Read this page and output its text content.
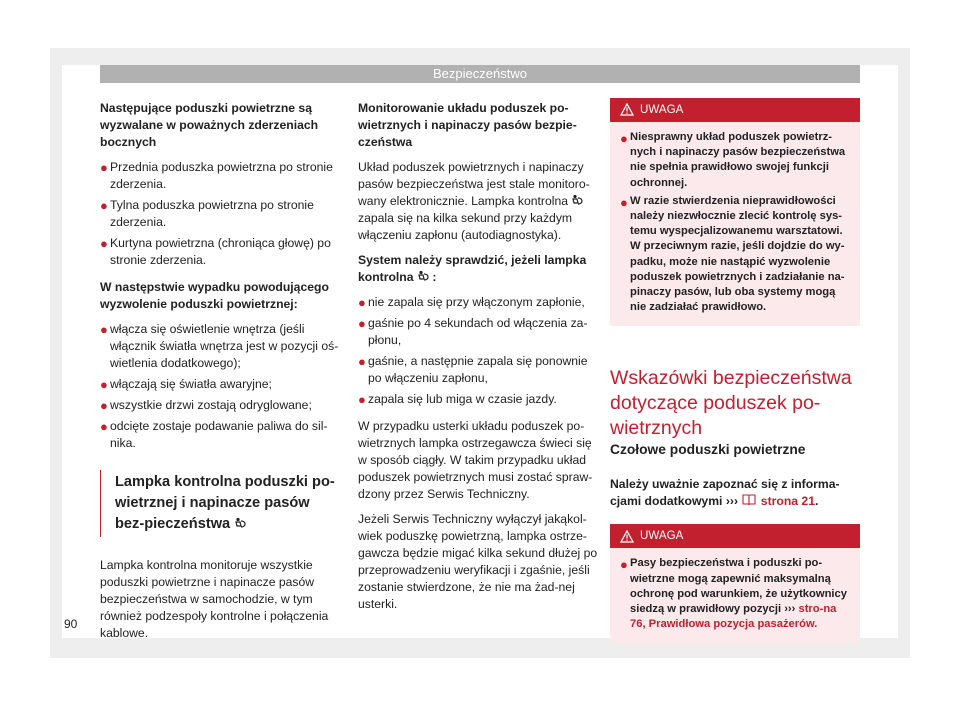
Bezpieczeństwo

Następujące poduszki powietrzne są wyzwalane w poważnych zderzeniach bocznych

● Przednia poduszka powietrzna po stronie zderzenia.
● Tylna poduszka powietrzna po stronie zderzenia.
● Kurtyna powietrzna (chroniąca głowę) po stronie zderzenia.

W następstwie wypadku powodującego wyzwolenie poduszki powietrznej:

● włącza się oświetlenie wnętrza (jeśli włącznik światła wnętrza jest w pozycji oś-wietlenia dodatkowego);
● włączają się światła awaryjne;
● wszystkie drzwi zostają odryglowane;
● odcięte zostaje podawanie paliwa do sil-nika.
Lampka kontrolna poduszki po-wietrznej i napinacze pasów bez-pieczeństwa

Lampka kontrolna monitoruje wszystkie poduszki powietrzne i napinacze pasów bezpieczeństwa w samochodzie, w tym również podzespoły kontrolne i połączenia kablowe.

Monitorowanie układu poduszek po-wietrznych i napinaczy pasów bezpie-czeństwa

Układ poduszek powietrznych i napinaczy pasów bezpieczeństwa jest stale monitoro-wany elektronicznie. Lampka kontrolna  zapala się na kilka sekund przy każdym włączeniu zapłonu (autodiagnostyka).

System należy sprawdzić, jeżeli lampka kontrolna :

● nie zapala się przy włączonym zapłonie,
● gaśnie po 4 sekundach od włączenia za-płonu,
● gaśnie, a następnie zapala się ponownie po włączeniu zapłonu,
● zapala się lub miga w czasie jazdy.

W przypadku usterki układu poduszek po-wietrznych lampka ostrzegawcza świeci się w sposób ciągły. W takim przypadku układ poduszek powietrznych musi zostać spraw-dzony przez Serwis Techniczny.

Jeżeli Serwis Techniczny wyłączył jakąkol-wiek poduszkę powietrzną, lampka ostrze-gawcza będzie migać kilka sekund dłużej po przeprowadzeniu weryfikacji i zgaśnie, jeśli zostanie stwierdzone, że nie ma żad-nej usterki.

UWAGA
● Niesprawny układ poduszek powietrz-nych i napinaczy pasów bezpieczeństwa nie spełnia prawidłowo swojej funkcji ochronnej.
● W razie stwierdzenia nieprawidłowości należy niezwłocznie zlecić kontrolę sys-temu wyspecjalizowanemu warsztatowi. W przeciwnym razie, jeśli dojdzie do wy-padku, może nie nastąpić wyzwolenie poduszek powietrznych i zadziałanie na-pinaczy pasów, lub oba systemy mogą nie zadziałać prawidłowo.
Wskazówki bezpieczeństwa dotyczące poduszek po-wietrznych

Czołowe poduszki powietrzne

Należy uważnie zapoznać się z informa-cjami dodatkowymi ››› strona 21.

UWAGA
● Pasy bezpieczeństwa i poduszki po-wietrzne mogą zapewnić maksymalną ochronę pod warunkiem, że użytkownicy siedzą w prawidłowy pozycji ››› stro-na 76, Prawidłowa pozycja pasażerów.
90
